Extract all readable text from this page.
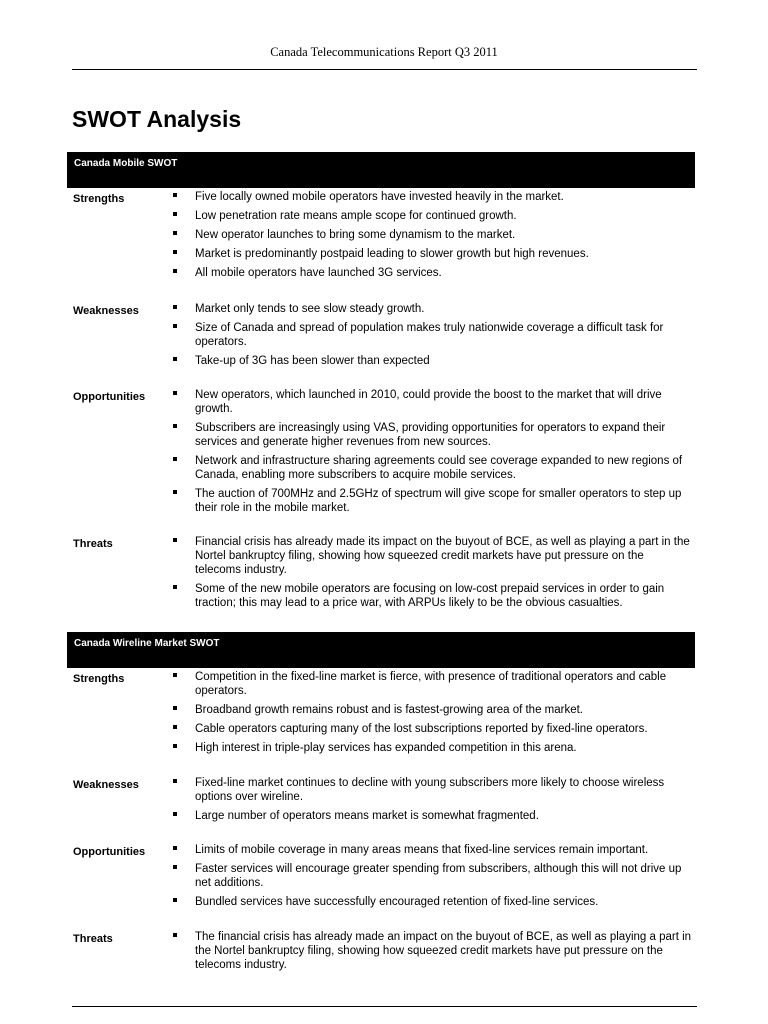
Canada Telecommunications Report Q3 2011
SWOT Analysis
Canada Mobile SWOT
Strengths	Five locally owned mobile operators have invested heavily in the market.
Low penetration rate means ample scope for continued growth.
New operator launches to bring some dynamism to the market.
Market is predominantly postpaid leading to slower growth but high revenues.
All mobile operators have launched 3G services.
Weaknesses	Market only tends to see slow steady growth.
Size of Canada and spread of population makes truly nationwide coverage a difficult task for operators.
Take-up of 3G has been slower than expected
Opportunities	New operators, which launched in 2010, could provide the boost to the market that will drive growth.
Subscribers are increasingly using VAS, providing opportunities for operators to expand their services and generate higher revenues from new sources.
Network and infrastructure sharing agreements could see coverage expanded to new regions of Canada, enabling more subscribers to acquire mobile services.
The auction of 700MHz and 2.5GHz of spectrum will give scope for smaller operators to step up their role in the mobile market.
Threats	Financial crisis has already made its impact on the buyout of BCE, as well as playing a part in the Nortel bankruptcy filing, showing how squeezed credit markets have put pressure on the telecoms industry.
Some of the new mobile operators are focusing on low-cost prepaid services in order to gain traction; this may lead to a price war, with ARPUs likely to be the obvious casualties.
Canada Wireline Market SWOT
Strengths	Competition in the fixed-line market is fierce, with presence of traditional operators and cable operators.
Broadband growth remains robust and is fastest-growing area of the market.
Cable operators capturing many of the lost subscriptions reported by fixed-line operators.
High interest in triple-play services has expanded competition in this arena.
Weaknesses	Fixed-line market continues to decline with young subscribers more likely to choose wireless options over wireline.
Large number of operators means market is somewhat fragmented.
Opportunities	Limits of mobile coverage in many areas means that fixed-line services remain important.
Faster services will encourage greater spending from subscribers, although this will not drive up net additions.
Bundled services have successfully encouraged retention of fixed-line services.
Threats	The financial crisis has already made an impact on the buyout of BCE, as well as playing a part in the Nortel bankruptcy filing, showing how squeezed credit markets have put pressure on the telecoms industry.
